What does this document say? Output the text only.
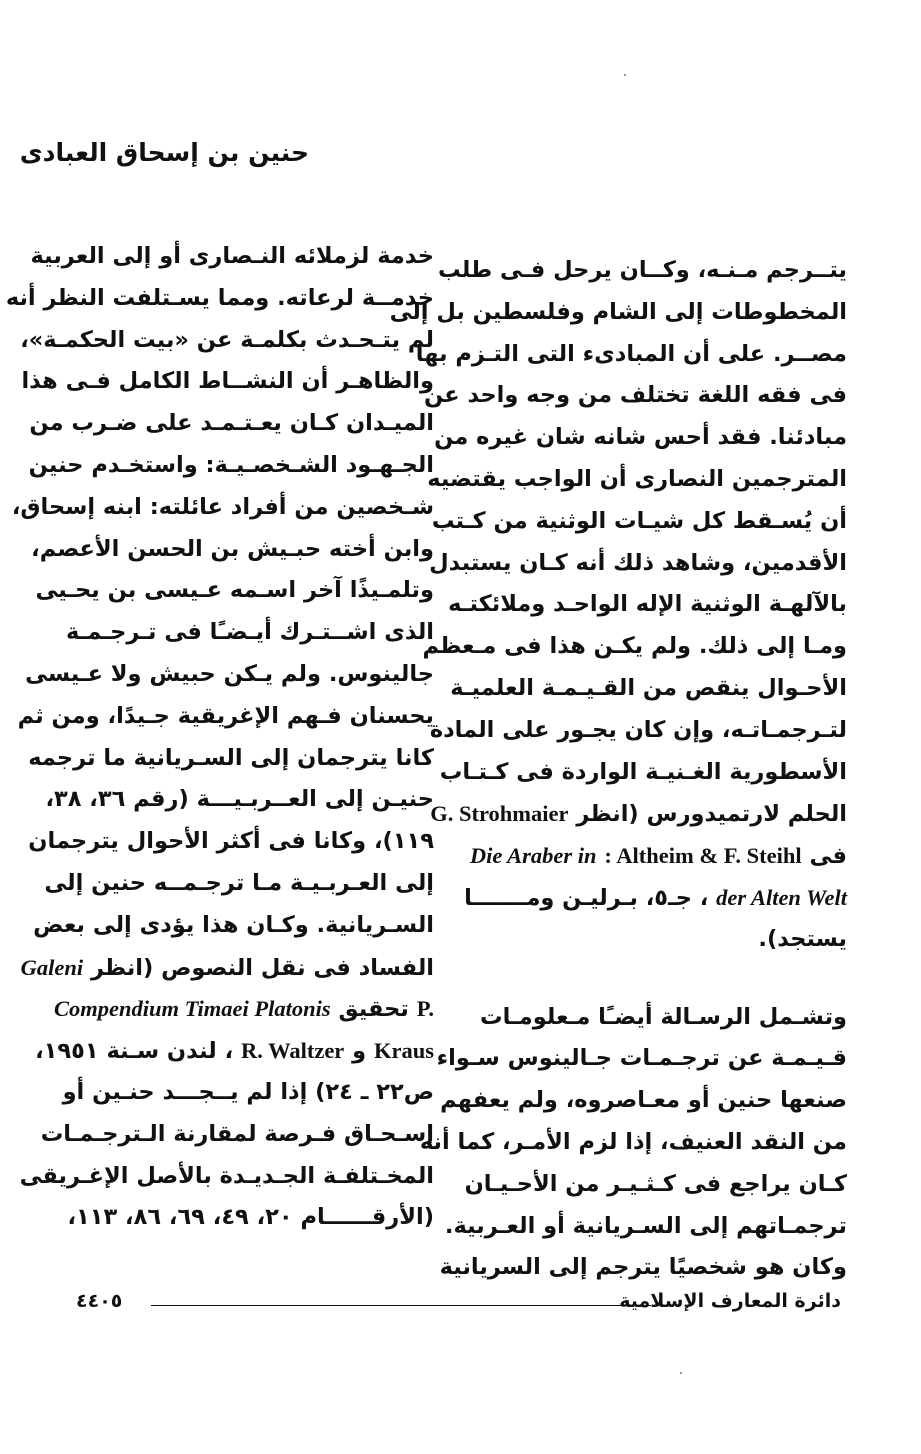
حنين بن إسحاق العبادى
يتــرجم مـنـه، وكــان يرحل فـى طلب
المخطوطات إلى الشام وفلسطين بل إلى
مصــر. على أن المبادىء التى التـزم بها
فى فقه اللغة تختلف من وجه واحد عن
مبادئنا. فقد أحس شانه شان غيره من
المترجمين النصارى أن الواجب يقتضيه
أن يُسـقط كل شيـات الوثنية من كـتب
الأقدمين، وشاهد ذلك أنه كـان يستبدل
بالآلهـة الوثنية الإله الواحـد وملائكتـه
ومـا إلى ذلك. ولم يكـن هذا فى مـعظم
الأحـوال ينقص من القـيـمـة العلميـة
لتـرجمـاتـه، وإن كان يجـور على المادة
الأسطورية الغـنيـة الواردة فى كـتـاب
الحلم لارتميدورس (انظر G. Strohmaier
فى Die Araber in : Altheim & F. Steihl
der Alten Welt ، جـ٥، بـرليـن ومـــــــا
يستجد).
وتشـمل الرسـالة أيضـًا مـعلومـات
قـيـمـة عن ترجـمـات جـالينوس سـواء
صنعها حنين أو معـاصروه، ولم يعفهم
من النقد العنيف، إذا لزم الأمـر، كما أنه
كـان يراجع فى كـثـيـر من الأحـيـان
ترجمـاتهم إلى السـريانية أو العـربية.
وكان هو شخصيًا يترجم إلى السريانية
خدمة لزملائه النـصارى أو إلى العربية
خدمــة لرعاته. ومما يسـتلفت النظر أنه
لم يتـحـدث بكلمـة عن «بيت الحكمـة»،
والظاهـر أن النشــاط الكامل فـى هذا
الميـدان كـان يعـتـمـد على ضـرب من
الجـهـود الشـخصـيـة: واستخـدم حنين
شـخصين من أفراد عائلته: ابنه إسحاق،
وابن أخته حبـيش بن الحسن الأعصم،
وتلمـيذًا آخر اسـمه عـيسى بن يحـيى
الذى اشــتـرك أيـضـًا فى تـرجـمـة
جالينوس. ولم يـكن حبيش ولا عـيسى
يحسنان فـهم الإغريقية جـيدًا، ومن ثم
كانا يترجمان إلى السـريانية ما ترجمه
حنيـن إلى العــربـيـــة (رقم ٣٦، ٣٨،
١١٩)، وكانا فى أكثر الأحوال يترجمان
إلى العـربـيـة مـا ترجـمــه حنين إلى
السـريانية. وكـان هذا يؤدى إلى بعض
الفساد فى نقل النصوص (انظر Galeni
P. تحقيق Compendium Timaei Platonis
Kraus و R. Waltzer ، لندن سـنة ١٩٥١،
ص٢٢ ـ ٢٤) إذا لم يــجـــد حنـين أو
إسـحـاق فـرصة لمقارنة الـترجـمـات
المخـتلفـة الجـديـدة بالأصل الإغـريقى
(الأرقــــــام ٢٠، ٤٩، ٦٩، ٨٦، ١١٣،
دائرة المعارف الإسلامية
٤٤٠٥
